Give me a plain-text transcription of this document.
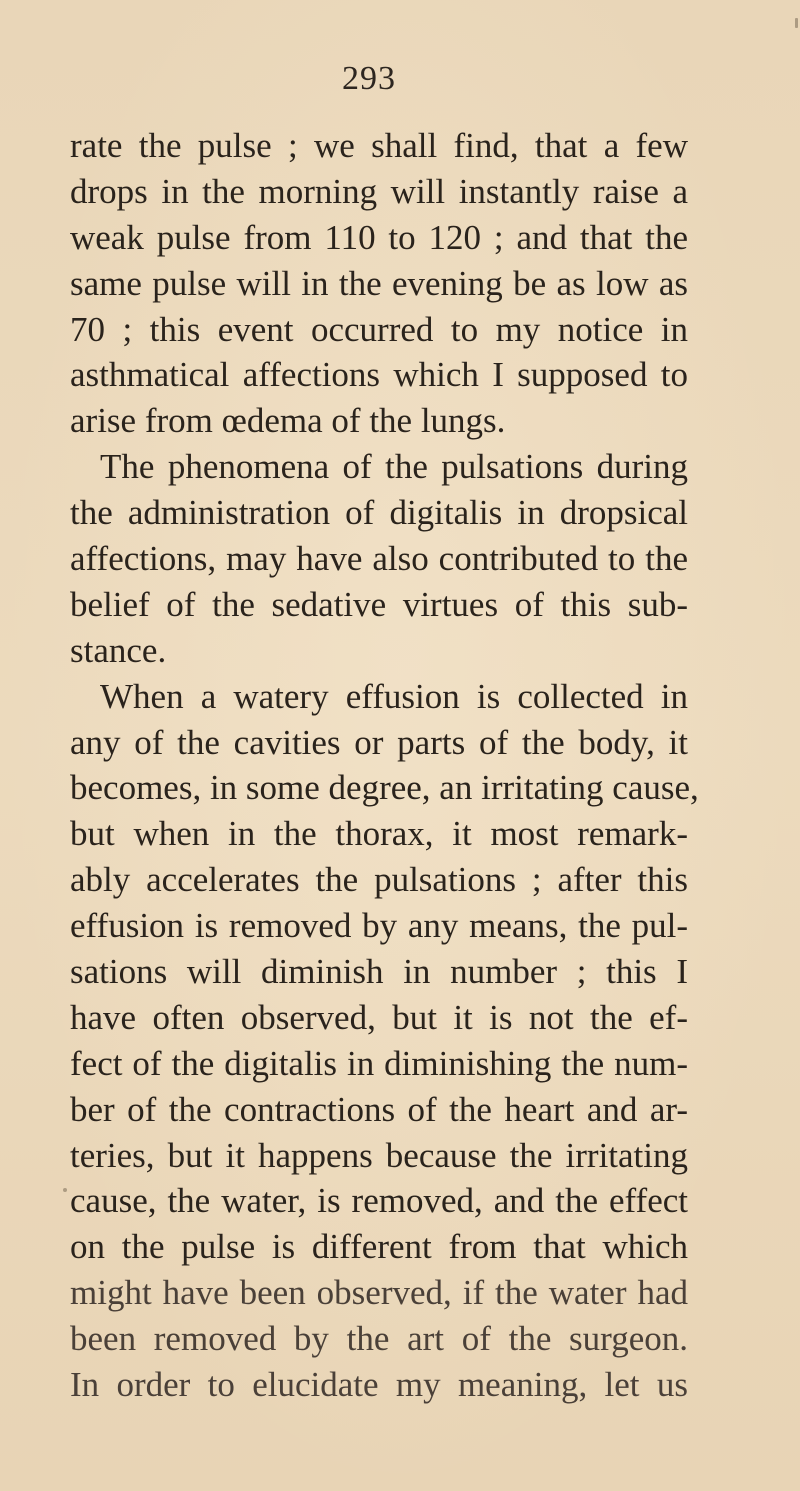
293
rate the pulse ; we shall find, that a few
drops in the morning will instantly raise a
weak pulse from 110 to 120 ; and that the
same pulse will in the evening be as low as
70 ; this event occurred to my notice in
asthmatical affections which I supposed to
arise from œdema of the lungs.
The phenomena of the pulsations during
the administration of digitalis in dropsical
affections, may have also contributed to the
belief of the sedative virtues of this sub-
stance.
When a watery effusion is collected in
any of the cavities or parts of the body, it
becomes, in some degree, an irritating cause,
but when in the thorax, it most remark-
ably accelerates the pulsations ; after this
effusion is removed by any means, the pul-
sations will diminish in number ; this I
have often observed, but it is not the ef-
fect of the digitalis in diminishing the num-
ber of the contractions of the heart and ar-
teries, but it happens because the irritating
cause, the water, is removed, and the effect
on the pulse is different from that which
might have been observed, if the water had
been removed by the art of the surgeon.
In order to elucidate my meaning, let us
